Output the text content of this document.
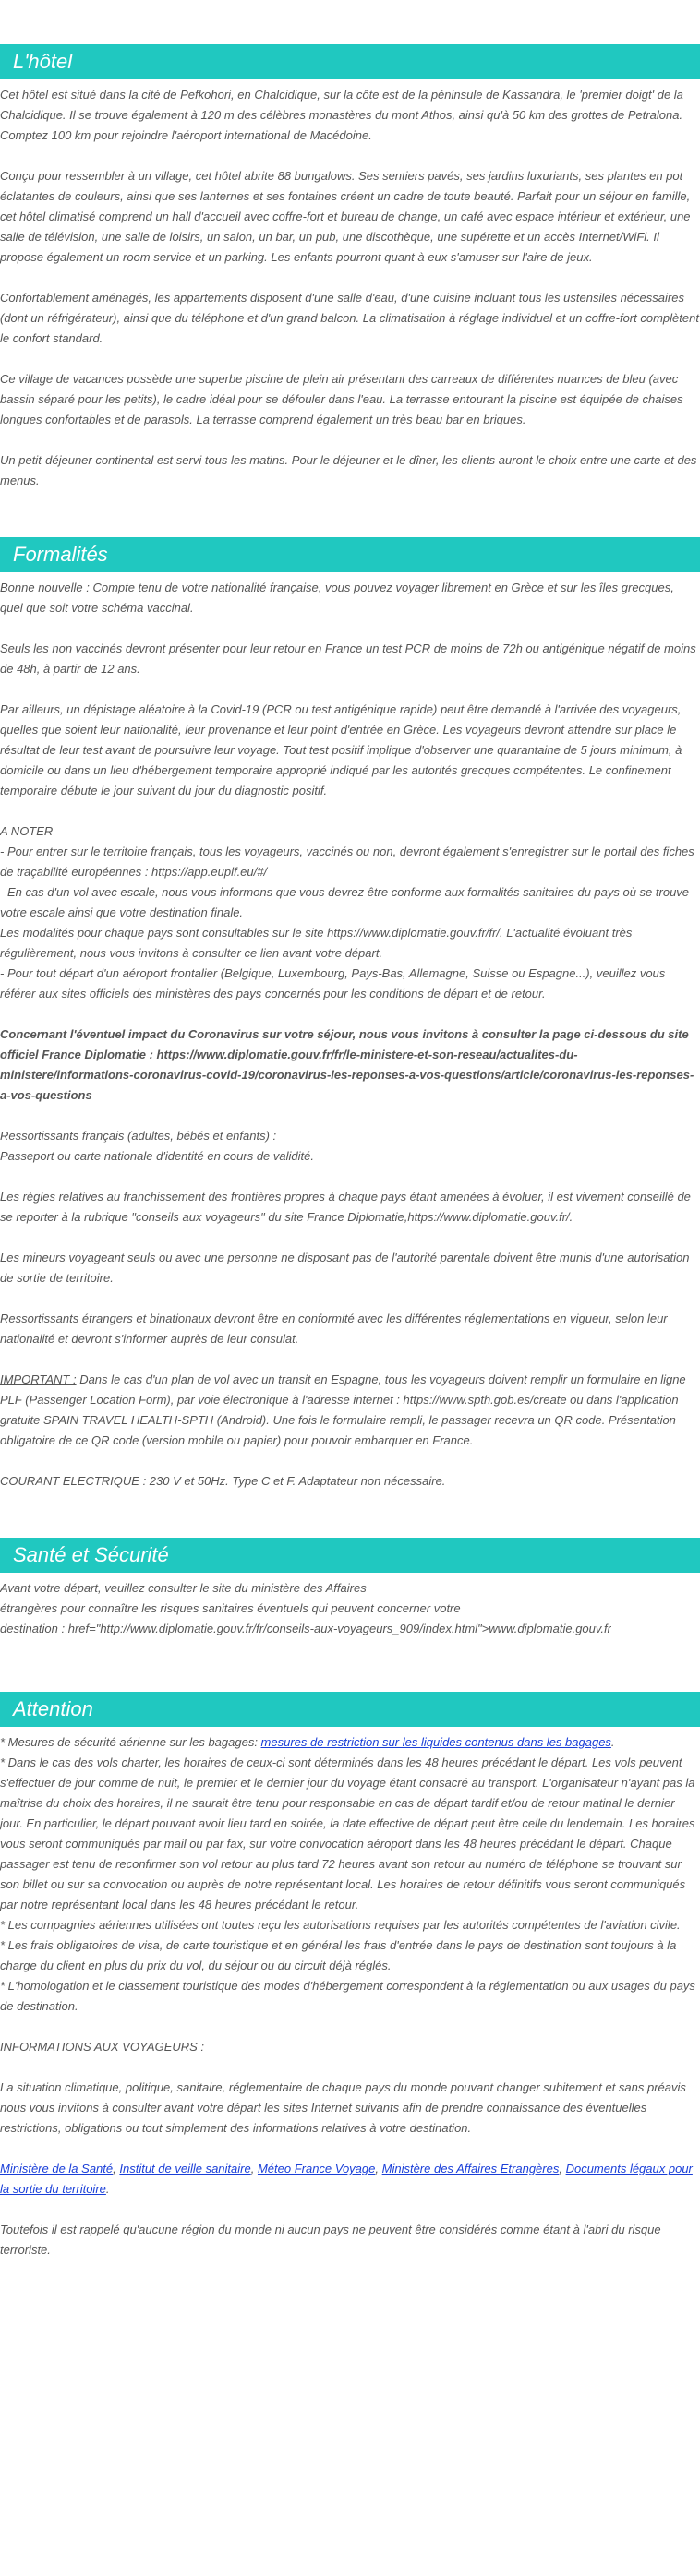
L'hôtel

Cet hôtel est situé dans la cité de Pefkohori, en Chalcidique, sur la côte est de la péninsule de Kassandra, le 'premier doigt' de la Chalcidique. Il se trouve également à 120 m des célèbres monastères du mont Athos, ainsi qu'à 50 km des grottes de Petralona. Comptez 100 km pour rejoindre l'aéroport international de Macédoine.

Conçu pour ressembler à un village, cet hôtel abrite 88 bungalows. Ses sentiers pavés, ses jardins luxuriants, ses plantes en pot éclatantes de couleurs, ainsi que ses lanternes et ses fontaines créent un cadre de toute beauté. Parfait pour un séjour en famille, cet hôtel climatisé comprend un hall d'accueil avec coffre-fort et bureau de change, un café avec espace intérieur et extérieur, une salle de télévision, une salle de loisirs, un salon, un bar, un pub, une discothèque, une supérette et un accès Internet/WiFi. Il propose également un room service et un parking. Les enfants pourront quant à eux s'amuser sur l'aire de jeux.

Confortablement aménagés, les appartements disposent d'une salle d'eau, d'une cuisine incluant tous les ustensiles nécessaires (dont un réfrigérateur), ainsi que du téléphone et d'un grand balcon. La climatisation à réglage individuel et un coffre-fort complètent le confort standard.

Ce village de vacances possède une superbe piscine de plein air présentant des carreaux de différentes nuances de bleu (avec bassin séparé pour les petits), le cadre idéal pour se défouler dans l'eau. La terrasse entourant la piscine est équipée de chaises longues confortables et de parasols. La terrasse comprend également un très beau bar en briques.

Un petit-déjeuner continental est servi tous les matins. Pour le déjeuner et le dîner, les clients auront le choix entre une carte et des menus.

Formalités

Bonne nouvelle : Compte tenu de votre nationalité française, vous pouvez voyager librement en Grèce et sur les îles grecques, quel que soit votre schéma vaccinal.

Seuls les non vaccinés devront présenter pour leur retour en France un test PCR de moins de 72h ou antigénique négatif de moins de 48h, à partir de 12 ans.

Par ailleurs, un dépistage aléatoire à la Covid-19 (PCR ou test antigénique rapide) peut être demandé à l'arrivée des voyageurs, quelles que soient leur nationalité, leur provenance et leur point d'entrée en Grèce. Les voyageurs devront attendre sur place le résultat de leur test avant de poursuivre leur voyage. Tout test positif implique d'observer une quarantaine de 5 jours minimum, à domicile ou dans un lieu d'hébergement temporaire approprié indiqué par les autorités grecques compétentes. Le confinement temporaire débute le jour suivant du jour du diagnostic positif.

A NOTER
- Pour entrer sur le territoire français, tous les voyageurs, vaccinés ou non, devront également s'enregistrer sur le portail des fiches de traçabilité européennes : https://app.euplf.eu/#/
- En cas d'un vol avec escale, nous vous informons que vous devrez être conforme aux formalités sanitaires du pays où se trouve votre escale ainsi que votre destination finale.
Les modalités pour chaque pays sont consultables sur le site https://www.diplomatie.gouv.fr/fr/. L'actualité évoluant très régulièrement, nous vous invitons à consulter ce lien avant votre départ.
- Pour tout départ d'un aéroport frontalier (Belgique, Luxembourg, Pays-Bas, Allemagne, Suisse ou Espagne...), veuillez vous référer aux sites officiels des ministères des pays concernés pour les conditions de départ et de retour.

Concernant l'éventuel impact du Coronavirus sur votre séjour, nous vous invitons à consulter la page ci-dessous du site officiel France Diplomatie : https://www.diplomatie.gouv.fr/fr/le-ministere-et-son-reseau/actualites-du-ministere/informations-coronavirus-covid-19/coronavirus-les-reponses-a-vos-questions/article/coronavirus-les-reponses-a-vos-questions

Ressortissants français (adultes, bébés et enfants) :
Passeport ou carte nationale d'identité en cours de validité.

Les règles relatives au franchissement des frontières propres à chaque pays étant amenées à évoluer, il est vivement conseillé de se reporter à la rubrique "conseils aux voyageurs" du site France Diplomatie,https://www.diplomatie.gouv.fr/.

Les mineurs voyageant seuls ou avec une personne ne disposant pas de l'autorité parentale doivent être munis d'une autorisation de sortie de territoire.

Ressortissants étrangers et binationaux devront être en conformité avec les différentes réglementations en vigueur, selon leur nationalité et devront s'informer auprès de leur consulat.

IMPORTANT : Dans le cas d'un plan de vol avec un transit en Espagne, tous les voyageurs doivent remplir un formulaire en ligne PLF (Passenger Location Form), par voie électronique à l'adresse internet : https://www.spth.gob.es/create ou dans l'application gratuite SPAIN TRAVEL HEALTH-SPTH (Android). Une fois le formulaire rempli, le passager recevra un QR code. Présentation obligatoire de ce QR code (version mobile ou papier) pour pouvoir embarquer en France.

COURANT ELECTRIQUE : 230 V et 50Hz. Type C et F. Adaptateur non nécessaire.

Santé et Sécurité

Avant votre départ, veuillez consulter le site du ministère des Affaires
étrangères pour connaître les risques sanitaires éventuels qui peuvent concerner votre
destination : href="http://www.diplomatie.gouv.fr/fr/conseils-aux-voyageurs_909/index.html">www.diplomatie.gouv.fr

Attention

* Mesures de sécurité aérienne sur les bagages: mesures de restriction sur les liquides contenus dans les bagages.
* Dans le cas des vols charter, les horaires de ceux-ci sont déterminés dans les 48 heures précédant le départ. Les vols peuvent s'effectuer de jour comme de nuit, le premier et le dernier jour du voyage étant consacré au transport. L'organisateur n'ayant pas la maîtrise du choix des horaires, il ne saurait être tenu pour responsable en cas de départ tardif et/ou de retour matinal le dernier jour. En particulier, le départ pouvant avoir lieu tard en soirée, la date effective de départ peut être celle du lendemain. Les horaires vous seront communiqués par mail ou par fax, sur votre convocation aéroport dans les 48 heures précédant le départ. Chaque passager est tenu de reconfirmer son vol retour au plus tard 72 heures avant son retour au numéro de téléphone se trouvant sur son billet ou sur sa convocation ou auprès de notre représentant local. Les horaires de retour définitifs vous seront communiqués par notre représentant local dans les 48 heures précédant le retour.
* Les compagnies aériennes utilisées ont toutes reçu les autorisations requises par les autorités compétentes de l'aviation civile.
* Les frais obligatoires de visa, de carte touristique et en général les frais d'entrée dans le pays de destination sont toujours à la charge du client en plus du prix du vol, du séjour ou du circuit déjà réglés.
* L'homologation et le classement touristique des modes d'hébergement correspondent à la réglementation ou aux usages du pays de destination.

INFORMATIONS AUX VOYAGEURS :

La situation climatique, politique, sanitaire, réglementaire de chaque pays du monde pouvant changer subitement et sans préavis nous vous invitons à consulter avant votre départ les sites Internet suivants afin de prendre connaissance des éventuelles restrictions, obligations ou tout simplement des informations relatives à votre destination.

Ministère de la Santé, Institut de veille sanitaire, Méteo France Voyage, Ministère des Affaires Etrangères, Documents légaux pour la sortie du territoire.

Toutefois il est rappelé qu'aucune région du monde ni aucun pays ne peuvent être considérés comme étant à l'abri du risque terroriste.
